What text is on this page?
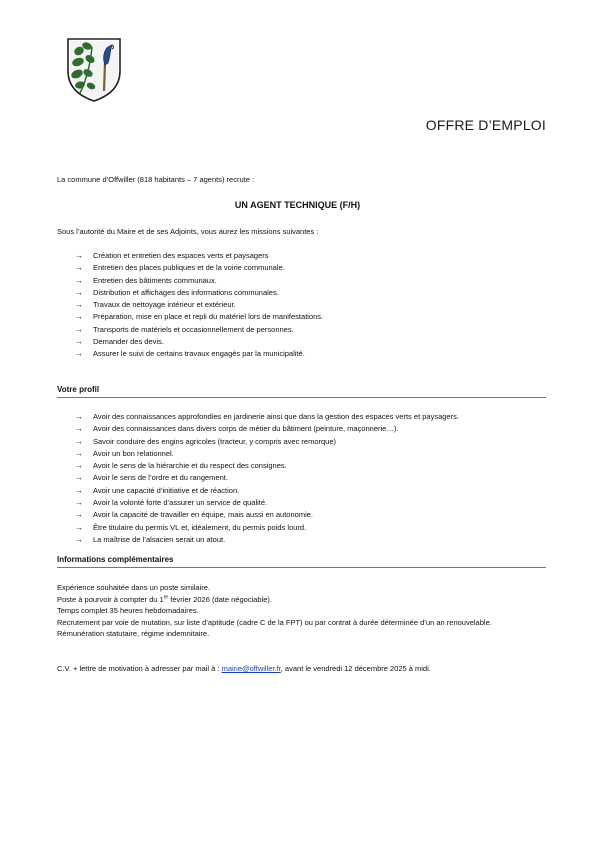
OFFRE D’EMPLOI
La commune d’Offwiller (818 habitants – 7 agents) recrute :
UN AGENT TECHNIQUE (F/H)
Sous l’autorité du Maire et de ses Adjoints, vous aurez les missions suivantes :
→ Création et entretien des espaces verts et paysagers
→ Entretien des places publiques et de la voirie communale.
→ Entretien des bâtiments communaux.
→ Distribution et affichages des informations communales.
→ Travaux de nettoyage intérieur et extérieur.
→ Préparation, mise en place et repli du matériel lors de manifestations.
→ Transports de matériels et occasionnellement de personnes.
→ Demander des devis.
→ Assurer le suivi de certains travaux engagés par la municipalité.
Votre profil
→ Avoir des connaissances approfondies en jardinerie ainsi que dans la gestion des espaces verts et paysagers.
→ Avoir des connaissances dans divers corps de métier du bâtiment (peinture, maçonnerie…).
→ Savoir conduire des engins agricoles (tracteur, y compris avec remorque)
→ Avoir un bon relationnel.
→ Avoir le sens de la hiérarchie et du respect des consignes.
→ Avoir le sens de l’ordre et du rangement.
→ Avoir une capacité d’initiative et de réaction.
→ Avoir la volonté forte d’assurer un service de qualité.
→ Avoir la capacité de travailler en équipe, mais aussi en autonomie.
→ Être titulaire du permis VL et, idéalement, du permis poids lourd.
→ La maîtrise de l’alsacien serait un atout.
Informations complémentaires

Expérience souhaitée dans un poste similaire.

Poste à pourvoir à compter du 1er février 2026 (date négociable).

Temps complet 35 heures hebdomadaires.

Recrutement par voie de mutation, sur liste d’aptitude (cadre C de la FPT) ou par contrat à durée déterminée d’un an renouvelable.

Rémunération statutaire, régime indemnitaire.

C.V. + lettre de motivation à adresser par mail à : mairie@offwiller.fr, avant le vendredi 12 décembre 2025 à midi.
